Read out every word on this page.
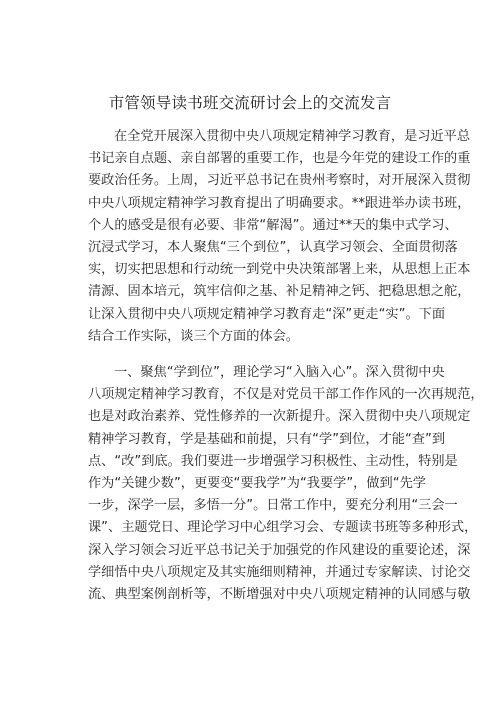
市管领导读书班交流研讨会上的交流发言
在全党开展深入贯彻中央八项规定精神学习教育，是习近平总
书记亲自点题、亲自部署的重要工作，也是今年党的建设工作的重
要政治任务。上周，习近平总书记在贵州考察时，对开展深入贯彻
中央八项规定精神学习教育提出了明确要求。**跟进举办读书班，
个人的感受是很有必要、非常“解渴”。通过**天的集中式学习、
沉浸式学习，本人聚焦“三个到位”，认真学习领会、全面贯彻落
实，切实把思想和行动统一到党中央决策部署上来，从思想上正本
清源、固本培元，筑牢信仰之基、补足精神之钙、把稳思想之舵，
让深入贯彻中央八项规定精神学习教育走“深”更走“实”。下面
结合工作实际，谈三个方面的体会。
一、聚焦“学到位”，理论学习“入脑入心”。深入贯彻中央
八项规定精神学习教育，不仅是对党员干部工作作风的一次再规范，
也是对政治素养、党性修养的一次新提升。深入贯彻中央八项规定
精神学习教育，学是基础和前提，只有“学”到位，才能“查”到
点、“改”到底。我们要进一步增强学习积极性、主动性，特别是
作为“关键少数”，更要变“要我学”为“我要学”，做到“先学
一步，深学一层，多悟一分”。日常工作中，要充分利用“三会一
课”、主题党日、理论学习中心组学习会、专题读书班等多种形式，
深入学习领会习近平总书记关于加强党的作风建设的重要论述，深
学细悟中央八项规定及其实施细则精神，并通过专家解读、讨论交
流、典型案例剖析等，不断增强对中央八项规定精神的认同感与敬
